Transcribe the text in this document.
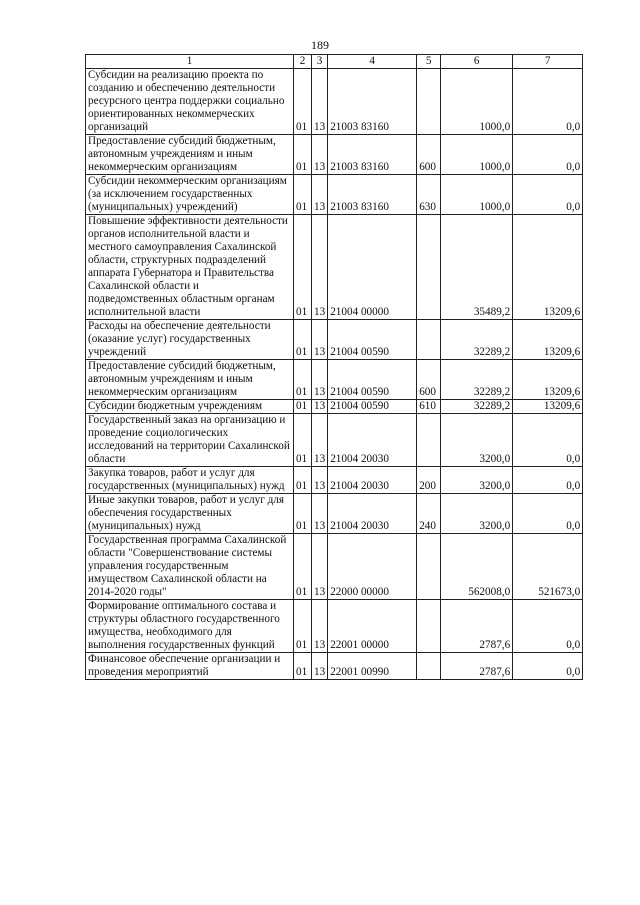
189
1	2	3	4	5	6	7
Субсидии на реализацию проекта по созданию и обеспечению деятельности ресурсного центра поддержки социально ориентированных некоммерческих организаций	01	13	21003 83160		1000,0	0,0
Предоставление субсидий бюджетным, автономным учреждениям и иным некоммерческим организациям	01	13	21003 83160	600	1000,0	0,0
Субсидии некоммерческим организациям (за исключением государственных (муниципальных) учреждений)	01	13	21003 83160	630	1000,0	0,0
Повышение эффективности деятельности органов исполнительной власти и местного самоуправления Сахалинской области, структурных подразделений аппарата Губернатора и Правительства Сахалинской области и подведомственных областным органам исполнительной власти	01	13	21004 00000		35489,2	13209,6
Расходы на обеспечение деятельности (оказание услуг) государственных учреждений	01	13	21004 00590		32289,2	13209,6
Предоставление субсидий бюджетным, автономным учреждениям и иным некоммерческим организациям	01	13	21004 00590	600	32289,2	13209,6
Субсидии бюджетным учреждениям	01	13	21004 00590	610	32289,2	13209,6
Государственный заказ на организацию и проведение социологических исследований на территории Сахалинской области	01	13	21004 20030		3200,0	0,0
Закупка товаров, работ и услуг для государственных (муниципальных) нужд	01	13	21004 20030	200	3200,0	0,0
Иные закупки товаров, работ и услуг для обеспечения государственных (муниципальных) нужд	01	13	21004 20030	240	3200,0	0,0
Государственная программа Сахалинской области "Совершенствование системы управления государственным имуществом Сахалинской области на 2014-2020 годы"	01	13	22000 00000		562008,0	521673,0
Формирование оптимального состава и структуры областного государственного имущества, необходимого для выполнения государственных функций	01	13	22001 00000		2787,6	0,0
Финансовое обеспечение организации и проведения мероприятий	01	13	22001 00990		2787,6	0,0
